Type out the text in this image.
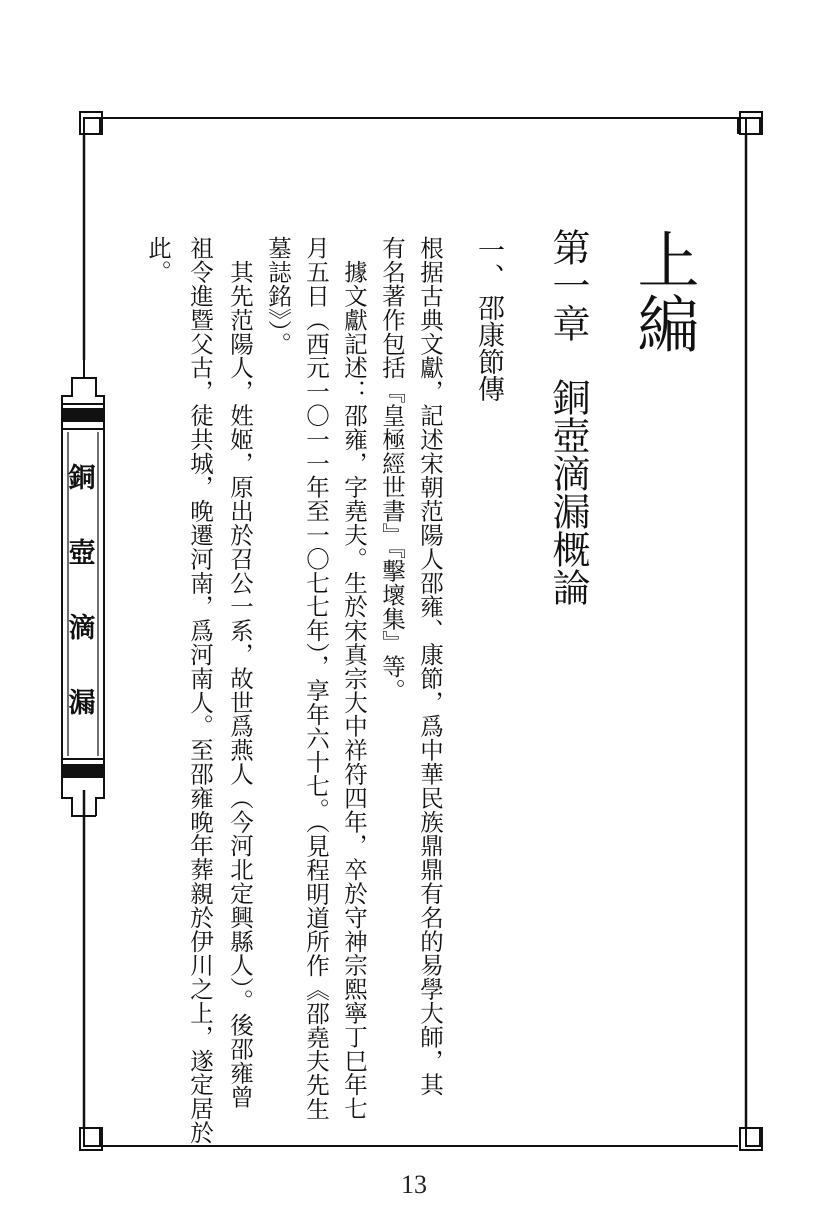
上編
第一章銅壺滴漏概論
一、邵康節傳
根据古典文獻，記述宋朝范陽人邵雍、康節，爲中華民族鼎鼎有名的易學大師，其
有名著作包括『皇極經世書』『擊壞集』等。
　據文獻記述：邵雍，字堯夫。生於宋真宗大中祥符四年，卒於守神宗熙寧丁巳年七
月五日（西元一〇一一年至一〇七七年），享年六十七。（見程明道所作《邵堯夫先生
墓誌銘》）。
　其先范陽人，姓姬，原出於召公一系，故世爲燕人（今河北定興縣人）。後邵雍曾
祖令進暨父古，徒共城，晚遷河南，爲河南人。至邵雍晚年葬親於伊川之上，遂定居於
此。
銅
壺
滴
漏
13
